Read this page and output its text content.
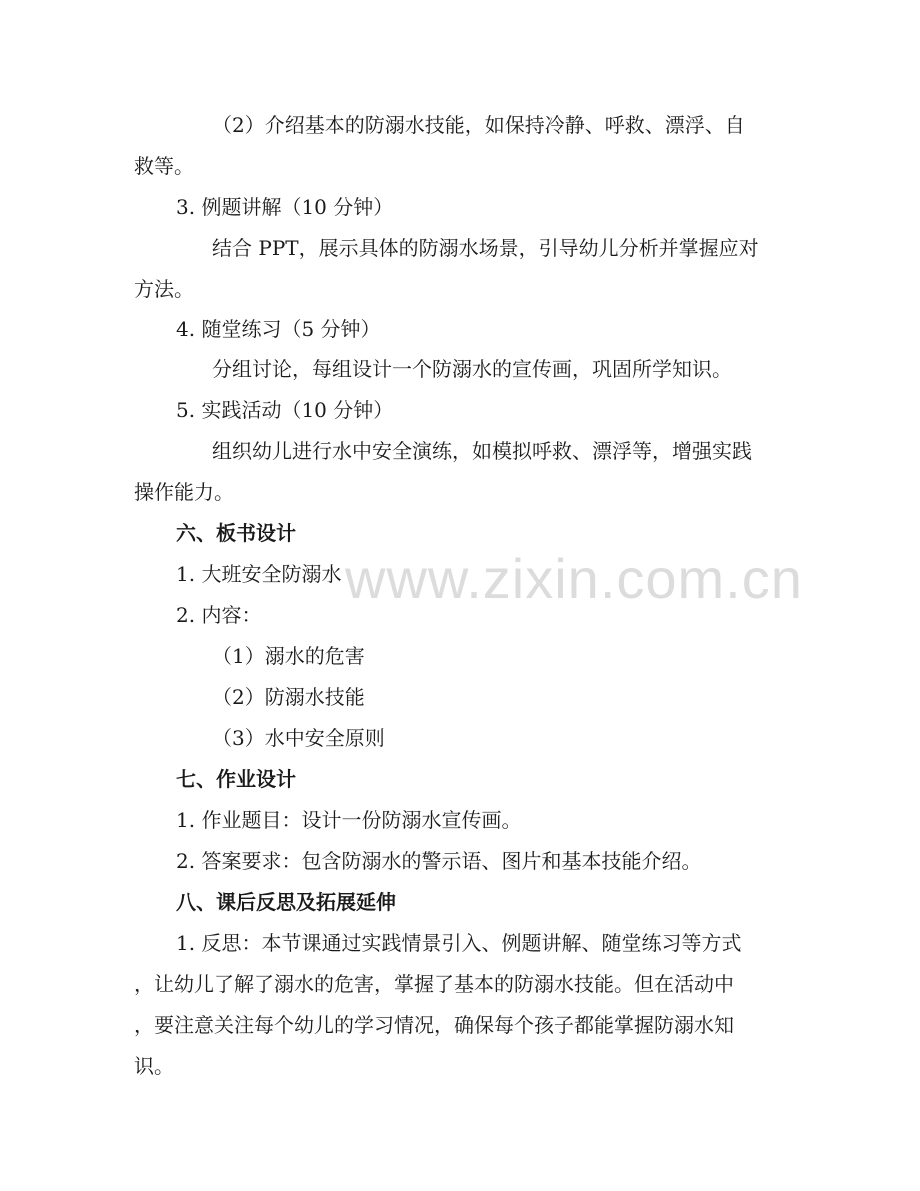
www.zixin.com.cn
（2）介绍基本的防溺水技能，如保持冷静、呼救、漂浮、自
救等。
3. 例题讲解（10 分钟）
结合 PPT，展示具体的防溺水场景，引导幼儿分析并掌握应对
方法。
4. 随堂练习（5 分钟）
分组讨论，每组设计一个防溺水的宣传画，巩固所学知识。
5. 实践活动（10 分钟）
组织幼儿进行水中安全演练，如模拟呼救、漂浮等，增强实践
操作能力。
六、板书设计
1. 大班安全防溺水
2. 内容：
（1）溺水的危害
（2）防溺水技能
（3）水中安全原则
七、作业设计
1. 作业题目：设计一份防溺水宣传画。
2. 答案要求：包含防溺水的警示语、图片和基本技能介绍。
八、课后反思及拓展延伸
1. 反思：本节课通过实践情景引入、例题讲解、随堂练习等方式
，让幼儿了解了溺水的危害，掌握了基本的防溺水技能。但在活动中
，要注意关注每个幼儿的学习情况，确保每个孩子都能掌握防溺水知
识。
